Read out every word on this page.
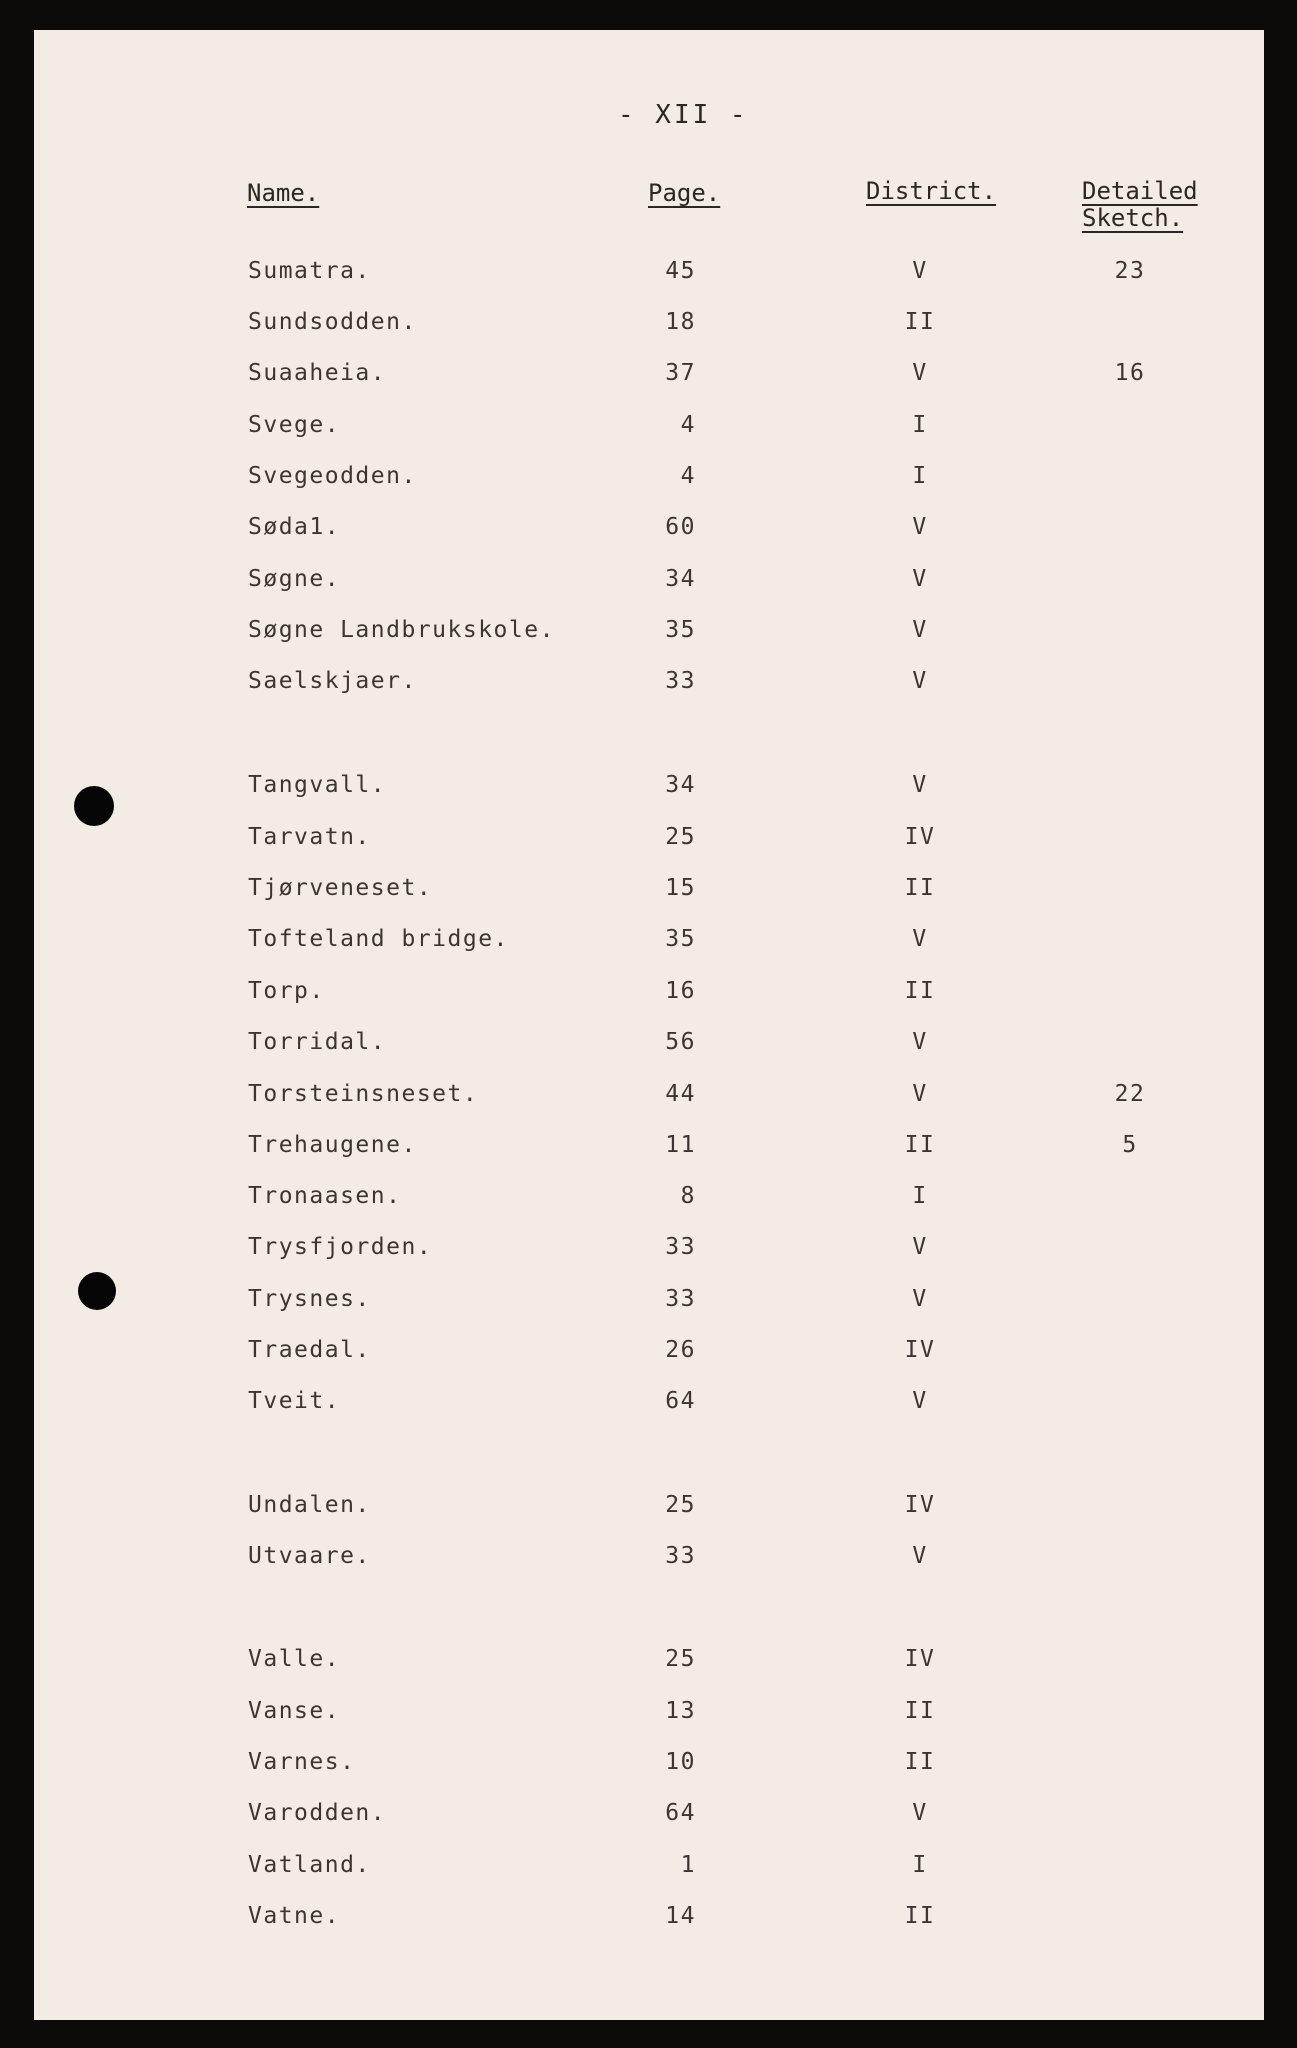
- XII -
Name.	Page.	District.	Detailed
Sketch.
Sumatra.	45	V	23
Sundsodden.	18	II
Suaaheia.	37	V	16
Svege.	4	I
Svegeodden.	4	I
Søda1.	60	V
Søgne.	34	V
Søgne Landbrukskole.	35	V
Saelskjaer.	33	V
Tangvall.	34	V
Tarvatn.	25	IV
Tjørveneset.	15	II
Tofteland bridge.	35	V
Torp.	16	II
Torridal.	56	V
Torsteinsneset.	44	V	22
Trehaugene.	11	II	5
Tronaasen.	8	I
Trysfjorden.	33	V
Trysnes.	33	V
Traedal.	26	IV
Tveit.	64	V
Undalen.	25	IV
Utvaare.	33	V
Valle.	25	IV
Vanse.	13	II
Varnes.	10	II
Varodden.	64	V
Vatland.	1	I
Vatne.	14	II
